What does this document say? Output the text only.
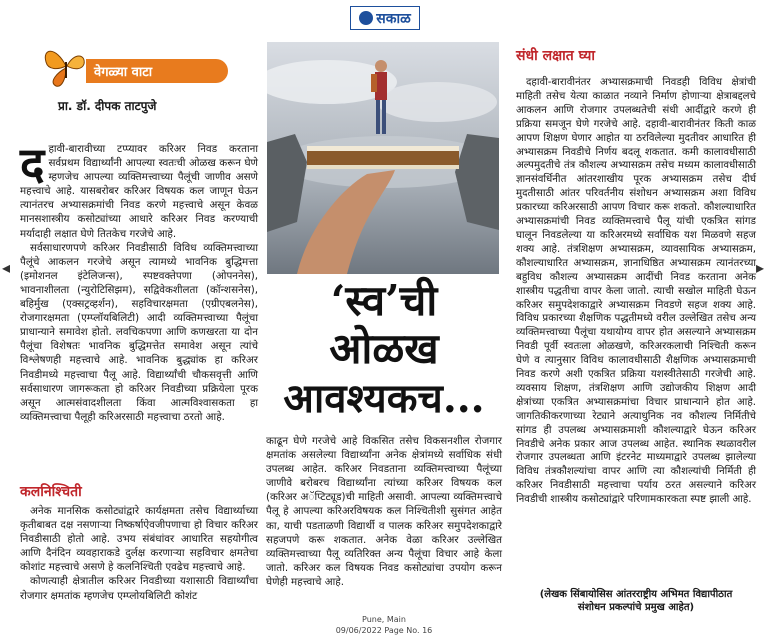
सकाळ
◂	▸
वेगळ्या वाटा
प्रा. डॉ. दीपक ताटपुजे

दहावी-बारावीच्या टप्प्यावर करिअर निवड करताना सर्वप्रथम विद्यार्थ्यांनी आपल्या स्वतःची ओळख करून घेणे म्हणजेच आपल्या व्यक्तिमत्त्वाच्या पैलूंची जाणीव असणे महत्त्वाचे आहे. यासबरोबर करिअर विषयक कल जाणून घेऊन त्यानंतरच अभ्यासक्रमांची निवड करणे महत्त्वाचे असून केवळ मानसशास्त्रीय कसोट्यांच्या आधारे करिअर निवड करण्याची मर्यादाही लक्षात घेणे तितकेच गरजेचे आहे.

सर्वसाधारणपणे करिअर निवडीसाठी विविध व्यक्तिमत्त्वाच्या पैलूंचे आकलन गरजेचे असून त्यामध्ये भावनिक बुद्धिमत्ता (इमोशनल इंटेलिजन्स), स्पष्टवक्तेपणा (ओपननेस), भावनाशीलता (न्युरोटिसिझम), सद्विवेकशीलता (कॉन्शसनेस), बहिर्मुख (एक्सट्रव्हर्शन), सहविचारक्षमता (एग्रीएबलनेस), रोजगारक्षमता (एम्प्लॉयबिलिटी) आदी व्यक्तिमत्त्वाच्या पैलूंचा प्राधान्याने समावेश होतो. लवचिकपणा आणि कणखरता या दोन पैलूंचा विशेषतः भावनिक बुद्धिमत्तेत समावेश असून त्यांचे विश्लेषणही महत्त्वाचे आहे. भावनिक बुद्ध्यांक हा करिअर निवडीमध्ये महत्त्वाचा पैलू आहे. विद्यार्थ्यांची चौकसवृत्ती आणि सर्वसाधारण जागरूकता हो करिअर निवडीच्या प्रक्रियेला पूरक असून आत्मसंवादशीलता किंवा आत्मविश्वासकता हा व्यक्तिमत्त्वाचा पैलूही करिअरसाठी महत्त्वाचा ठरतो आहे.

कलनिश्चिती

अनेक मानसिक कसोट्यांद्वारे कार्यक्षमता तसेच विद्यार्थ्याच्या कृतीबाबत दक्ष नसणाऱ्या निष्कर्षाऐवजीपणाचा हो विचार करिअर निवडीसाठी होतो आहे. उभय संबंधांवर आधारित सहयोगीत्व आणि दैनंदिन व्यवहाराकडे दुर्लक्ष करणाऱ्या सहविचार क्षमतेचा कोशांट महत्त्वाचे असणे हे कलनिश्चिती एवढेच महत्त्वाचे आहे.

कोणत्याही क्षेत्रातील करिअर निवडीच्या यशासाठी विद्यार्थ्यांचा रोजगार क्षमतांक म्हणजेच एम्प्लोयबिलिटी कोशंट

‘स्व’ची
ओळख
आवश्यकच...

काढून घेणे गरजेचे आहे विकसित तसेच विकसनशील रोजगार क्षमतांक असलेल्या विद्यार्थ्यांना अनेक क्षेत्रांमध्ये सर्वाधिक संधी उपलब्ध आहेत. करिअर निवडताना व्यक्तिमत्त्वाच्या पैलूंच्या जाणीवे बरोबरच विद्यार्थ्यांना त्यांच्या करिअर विषयक कल (करिअर अॅप्टिट्यूड)ची माहिती असावी. आपल्या व्यक्तिमत्त्वाचे पैलू हे आपल्या करिअरविषयक कल निश्चितीशी सुसंगत आहेत का, याची पडताळणी विद्यार्थी व पालक करिअर समुपदेशकाद्वारे सहजपणे करू शकतात. अनेक वेळा करिअर उल्लेखित व्यक्तिमत्त्वाच्या पैलू व्यतिरिक्त अन्य पैलूंचा विचार आहे केला जातो. करिअर कल विषयक निवड कसोट्यांचा उपयोग करून घेणेही महत्त्वाचे आहे.

संधी लक्षात घ्या

दहावी-बारावीनंतर अभ्यासक्रमाची निवडही विविध क्षेत्रांची माहिती तसेच येत्या काळात नव्याने निर्माण होणाऱ्या क्षेत्राबद्दलचे आकलन आणि रोजगार उपलब्धतेची संधी आदींद्वारे करणे ही प्रक्रिया समजून घेणे गरजेचे आहे. दहावी-बारावीनंतर किती काळ आपण शिक्षण घेणार आहोत या ठरविलेल्या मुदतीवर आधारित ही अभ्यासक्रम निवडीचे निर्णय बदलू शकतात. कमी कालावधीसाठी अल्पमुदतीचे तंत्र कौशल्य अभ्यासक्रम तसेच मध्यम कालावधीसाठी ज्ञानसंवर्धिनीत आंतरशाखीय पूरक अभ्यासक्रम तसेच दीर्घ मुदतीसाठी आंतर परिवर्तनीय संशोधन अभ्यासक्रम अशा विविध प्रकारच्या करिअरसाठी आपण विचार करू शकतो. कौशल्याधारित अभ्यासक्रमांची निवड व्यक्तिमत्त्वाचे पैलू यांची एकत्रित सांगड घालून निवडलेल्या या करिअरमध्ये सर्वाधिक यश मिळवणे सहज शक्य आहे. तंत्रशिक्षण अभ्यासक्रम, व्यावसायिक अभ्यासक्रम, कौशल्याधारित अभ्यासक्रम, ज्ञानाधिष्ठित अभ्यासक्रम त्यानंतरच्या बहुविध कौशल्य अभ्यासक्रम आदींची निवड करताना अनेक शास्त्रीय पद्धतीचा वापर केला जातो. त्याची सखोल माहिती घेऊन करिअर समुपदेशकाद्वारे अभ्यासक्रम निवडणे सहज शक्य आहे. विविध प्रकारच्या शैक्षणिक पद्धतीमध्ये वरील उल्लेखित तसेच अन्य व्यक्तिमत्त्वाच्या पैलूंचा यथायोग्य वापर होत असल्याने अभ्यासक्रम निवडी पूर्वी स्वतःला ओळखणे, करिअरकलाची निश्चिती करून घेणे व त्यानुसार विविध कालावधीसाठी शैक्षणिक अभ्यासक्रमाची निवड करणे अशी एकत्रित प्रक्रिया यशस्वीतेसाठी गरजेची आहे. व्यवसाय शिक्षण, तंत्रशिक्षण आणि उद्योजकीय शिक्षण आदी क्षेत्रांच्या एकत्रित अभ्यासक्रमांचा विचार प्राधान्याने होत आहे. जागतिकीकरणाच्या रेट्याने अत्याधुनिक नव कौशल्य निर्मितीचे सांगड ही उपलब्ध अभ्यासक्रमाशी कौशल्याद्वारे घेऊन करिअर निवडीचे अनेक प्रकार आज उपलब्ध आहेत. स्थानिक स्थळावरील रोजगार उपलब्धता आणि इंटरनेट माध्यमाद्वारे उपलब्ध झालेल्या विविध तंत्रकौशल्यांचा वापर आणि त्या कौशल्यांची निर्मिती ही करिअर निवडीसाठी महत्त्वाचा पर्याय ठरत असल्याने करिअर निवडीची शास्त्रीय कसोट्यांद्वारे परिणामकारकता स्पष्ट झाली आहे.

(लेखक सिंबायोसिस आंतरराष्ट्रीय अभिमत विद्यापीठात
संशोधन प्रकल्पांचे प्रमुख आहेत)
Pune, Main
09/06/2022 Page No. 16
